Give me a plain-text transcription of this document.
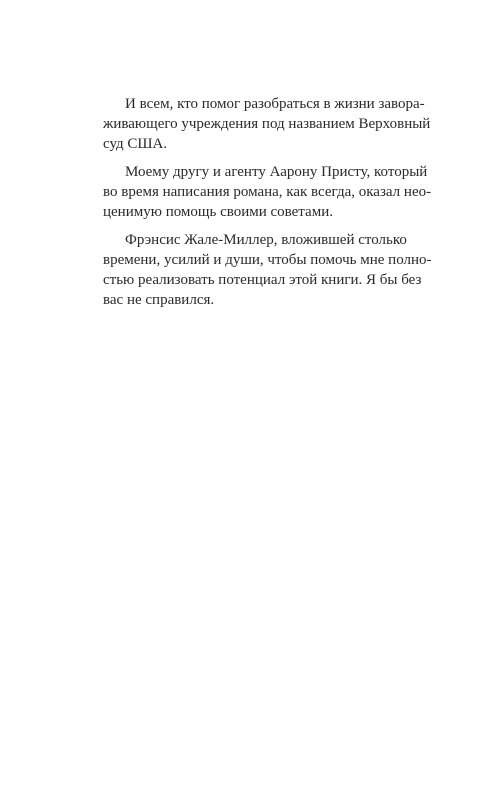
И всем, кто помог разобраться в жизни завора-
живающего учреждения под названием Верховный
суд США.
Моему другу и агенту Аарону Присту, который
во время написания романа, как всегда, оказал нео-
ценимую помощь своими советами.
Фрэнсис Жале-Миллер, вложившей столько
времени, усилий и души, чтобы помочь мне полно-
стью реализовать потенциал этой книги. Я бы без
вас не справился.
